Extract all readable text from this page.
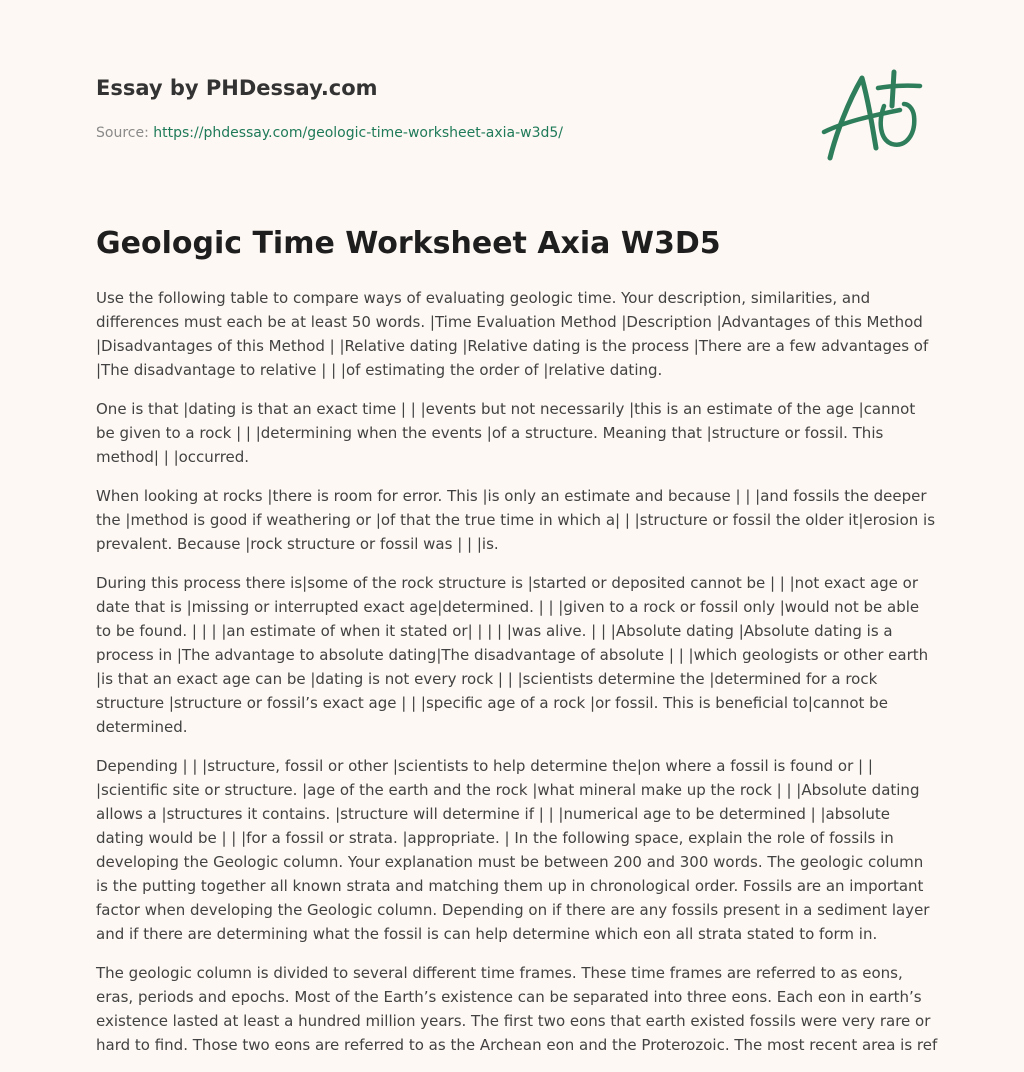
Essay by PHDessay.com
Source: https://phdessay.com/geologic-time-worksheet-axia-w3d5/
Geologic Time Worksheet Axia W3D5

Use the following table to compare ways of evaluating geologic time. Your description, similarities, and differences must each be at least 50 words. |Time Evaluation Method |Description |Advantages of this Method |Disadvantages of this Method | |Relative dating |Relative dating is the process |There are a few advantages of |The disadvantage to relative | | |of estimating the order of |relative dating.

One is that |dating is that an exact time | | |events but not necessarily |this is an estimate of the age |cannot be given to a rock | | |determining when the events |of a structure. Meaning that |structure or fossil. This method| | |occurred.

When looking at rocks |there is room for error. This |is only an estimate and because | | |and fossils the deeper the |method is good if weathering or |of that the true time in which a| | |structure or fossil the older it|erosion is prevalent. Because |rock structure or fossil was | | |is.

During this process there is|some of the rock structure is |started or deposited cannot be | | |not exact age or date that is |missing or interrupted exact age|determined. | | |given to a rock or fossil only |would not be able to be found. | | | |an estimate of when it stated or| | | | |was alive. | | |Absolute dating |Absolute dating is a process in |The advantage to absolute dating|The disadvantage of absolute | | |which geologists or other earth |is that an exact age can be |dating is not every rock | | |scientists determine the |determined for a rock structure |structure or fossil’s exact age | | |specific age of a rock |or fossil. This is beneficial to|cannot be determined.

Depending | | |structure, fossil or other |scientists to help determine the|on where a fossil is found or | | |scientific site or structure. |age of the earth and the rock |what mineral make up the rock | | |Absolute dating allows a |structures it contains. |structure will determine if | | |numerical age to be determined | |absolute dating would be | | |for a fossil or strata. |appropriate. | In the following space, explain the role of fossils in developing the Geologic column. Your explanation must be between 200 and 300 words. The geologic column is the putting together all known strata and matching them up in chronological order. Fossils are an important factor when developing the Geologic column. Depending on if there are any fossils present in a sediment layer and if there are determining what the fossil is can help determine which eon all strata stated to form in.

The geologic column is divided to several different time frames. These time frames are referred to as eons, eras, periods and epochs. Most of the Earth’s existence can be separated into three eons. Each eon in earth’s existence lasted at least a hundred million years. The first two eons that earth existed fossils were very rare or hard to find. Those two eons are referred to as the Archean eon and the Proterozoic. The most recent area is ref
